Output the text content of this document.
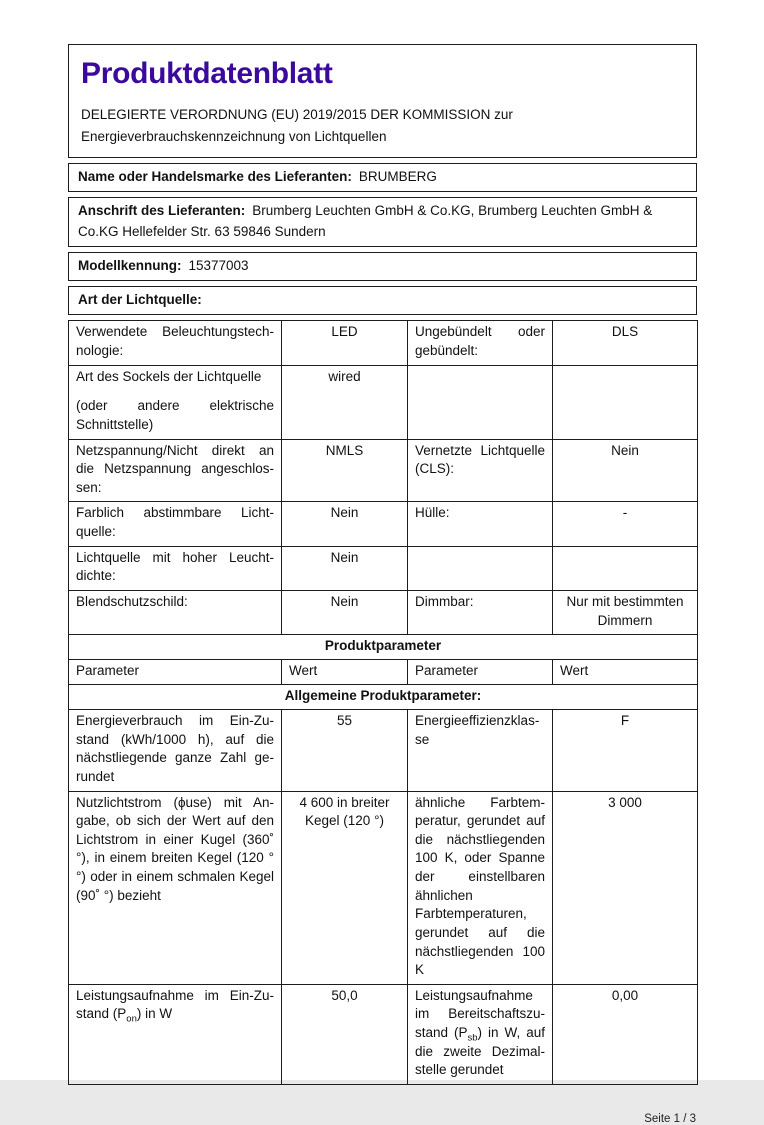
Produktdatenblatt
DELEGIERTE VERORDNUNG (EU) 2019/2015 DER KOMMISSION zur Energieverbrauchskennzeichnung von Lichtquellen
Name oder Handelsmarke des Lieferanten: BRUMBERG
Anschrift des Lieferanten: Brumberg Leuchten GmbH & Co.KG, Brumberg Leuchten GmbH & Co.KG Hellefelder Str. 63 59846 Sundern
Modellkennung: 15377003
Art der Lichtquelle:
Verwendete Beleuchtungstechnologie:	LED	Ungebündelt oder gebündelt:	DLS

Art des Sockels der Lichtquelle
(oder andere elektrische Schnittstelle)	wired		
Netzspannung/Nicht direkt an die Netzspannung angeschlossen:	NMLS	Vernetzte Lichtquelle (CLS):	Nein
Farblich abstimmbare Lichtquelle:	Nein	Hülle:	-
Lichtquelle mit hoher Leuchtdichte:	Nein		
Blendschutzschild:	Nein	Dimmbar:	Nur mit bestimmten Dimmern
Produktparameter			
Parameter	Wert	Parameter	Wert
Allgemeine Produktparameter:			
Energieverbrauch im Ein-Zustand (kWh/1000 h), auf die nächstliegende ganze Zahl gerundet	55	Energieeffizienzklasse	F
Nutzlichtstrom (ϕuse) mit Angabe, ob sich der Wert auf den Lichtstrom in einer Kugel (360˚ °), in einem breiten Kegel (120 °°) oder in einem schmalen Kegel (90˚ °) bezieht	4 600 in breiter Kegel (120 °)	ähnliche Farbtemperatur, gerundet auf die nächstliegenden 100 K, oder Spanne der einstellbaren ähnlichen Farbtemperaturen, gerundet auf die nächstliegenden 100 K	3 000
Leistungsaufnahme im Ein-Zustand $(P_{on})$ in W	50,0	Leistungsaufnahme im Bereitschaftszustand $(P_{sb})$ in W, auf die zweite Dezimalstelle gerundet	0,00
Seite 1 / 3
